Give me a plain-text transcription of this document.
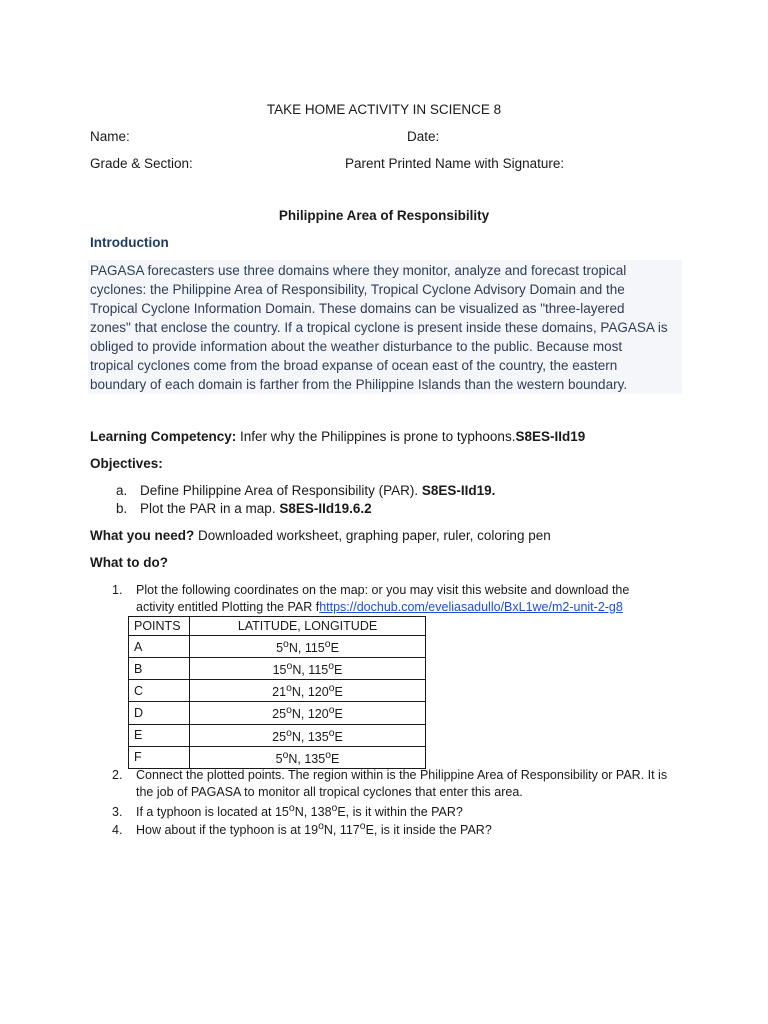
TAKE HOME ACTIVITY IN SCIENCE 8
Name:	Date:
Grade & Section:	Parent Printed Name with Signature:
Philippine Area of Responsibility
Introduction

PAGASA forecasters use three domains where they monitor, analyze and forecast tropical

cyclones: the Philippine Area of Responsibility, Tropical Cyclone Advisory Domain and the

Tropical Cyclone Information Domain. These domains can be visualized as "three-layered

zones" that enclose the country. If a tropical cyclone is present inside these domains, PAGASA is

obliged to provide information about the weather disturbance to the public. Because most

tropical cyclones come from the broad expanse of ocean east of the country, the eastern

boundary of each domain is farther from the Philippine Islands than the western boundary.

Learning Competency: Infer why the Philippines is prone to typhoons.S8ES-IId19
Objectives:
a. Define Philippine Area of Responsibility (PAR). S8ES-IId19.
b. Plot the PAR in a map. S8ES-IId19.6.2
What you need? Downloaded worksheet, graphing paper, ruler, coloring pen
What to do?
1. Plot the following coordinates on the map: or you may visit this website and download the
activity entitled Plotting the PAR fhttps://dochub.com/eveliasadullo/BxL1we/m2-unit-2-g8
POINTS	LATITUDE, LONGITUDE
A	5$^o$N, 115$^o$E
B	15$^o$N, 115$^o$E
C	21$^o$N, 120$^o$E
D	25$^o$N, 120$^o$E
E	25$^o$N, 135$^o$E
F	5$^o$N, 135$^o$E
2. Connect the plotted points. The region within is the Philippine Area of Responsibility or PAR. It is
the job of PAGASA to monitor all tropical cyclones that enter this area.
3. If a typhoon is located at 15$^o$N, 138$^o$E, is it within the PAR?
4. How about if the typhoon is at 19$^o$N, 117$^o$E, is it inside the PAR?
